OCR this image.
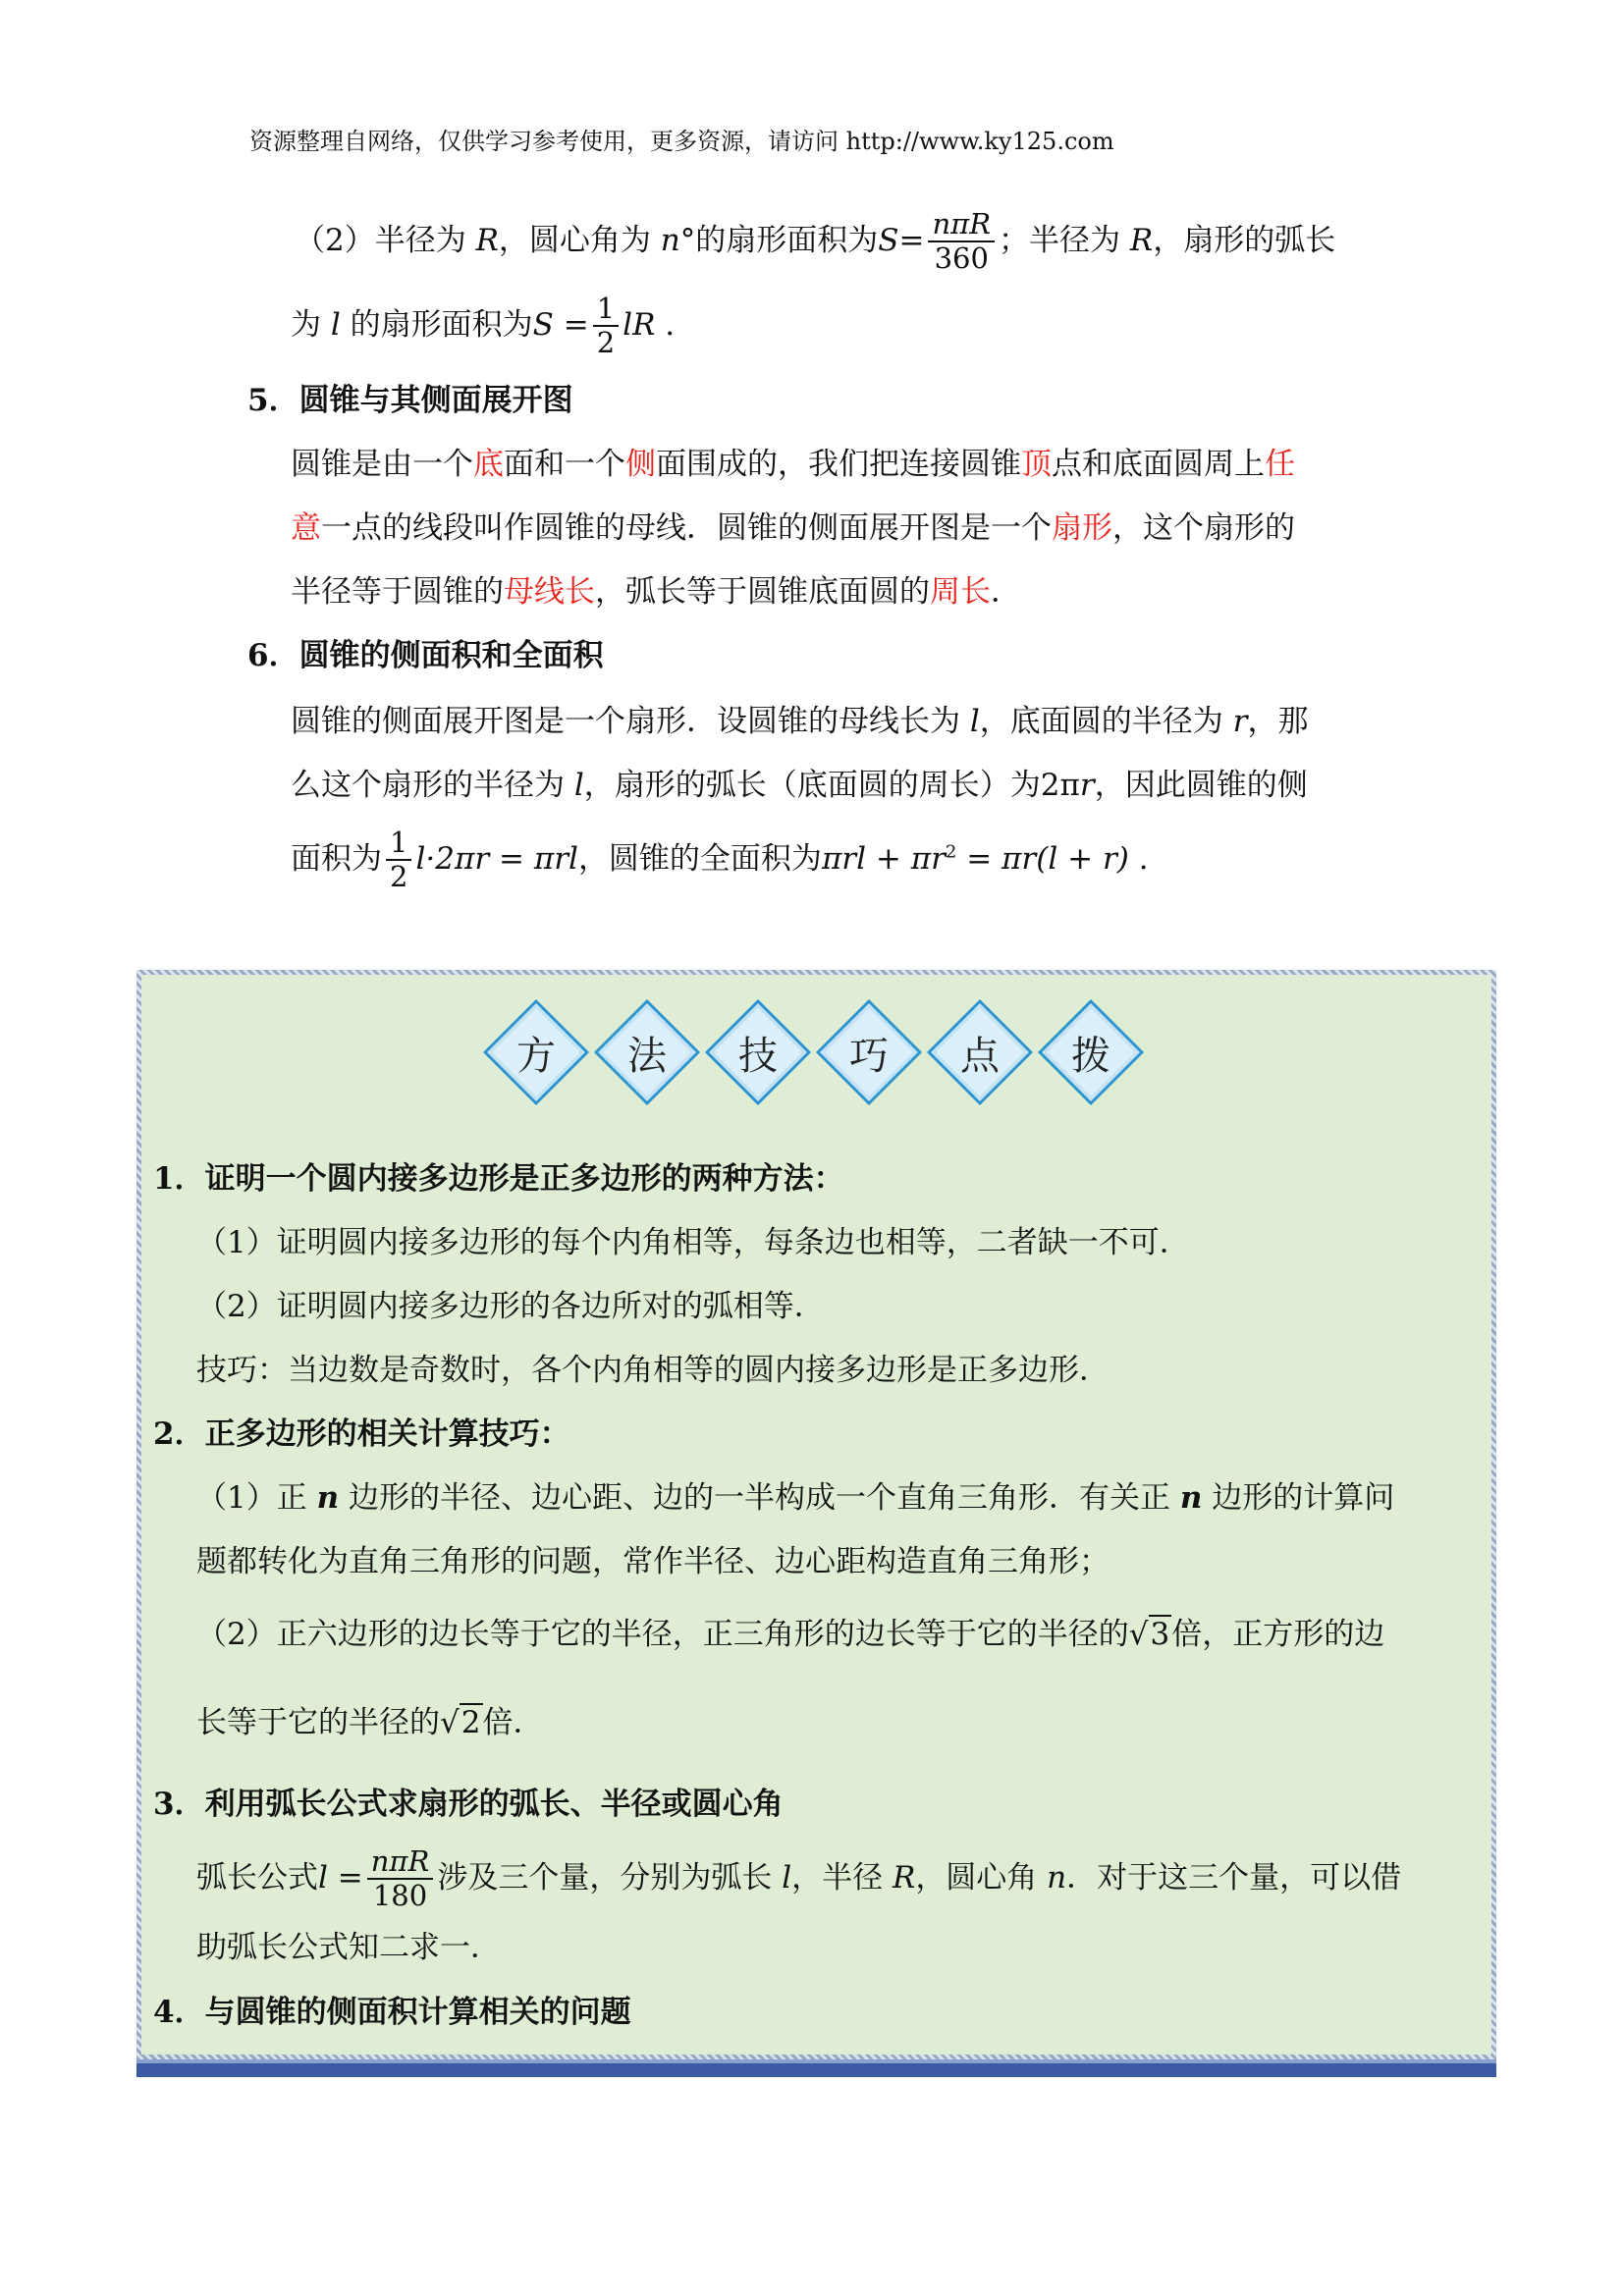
资源整理自网络，仅供学习参考使用，更多资源，请访问 http://www.ky125.com
（2）半径为 R，圆心角为 n°的扇形面积为$S= \frac{\text{nπR}}{360}$ ；半径为 R，扇形的弧长
为 l 的扇形面积为$S = \frac{1}{2}$ lR .
5．圆锥与其侧面展开图
圆锥是由一个底面和一个侧面围成的，我们把连接圆锥顶点和底面圆周上任
意一点的线段叫作圆锥的母线．圆锥的侧面展开图是一个扇形，这个扇形的
半径等于圆锥的母线长，弧长等于圆锥底面圆的周长．
6．圆锥的侧面积和全面积
圆锥的侧面展开图是一个扇形．设圆锥的母线长为 l，底面圆的半径为 r，那
么这个扇形的半径为 l，扇形的弧长（底面圆的周长）为2πr，因此圆锥的侧
面积为 $\frac{1}{2} l\cdot 2\pi r = \pi rl$，圆锥的全面积为$\pi rl + \pi r^2 = \pi r(l + r)$ .
方	法	技	巧	点	拨
1．证明一个圆内接多边形是正多边形的两种方法：
（1）证明圆内接多边形的每个内角相等，每条边也相等，二者缺一不可．
（2）证明圆内接多边形的各边所对的弧相等．
技巧：当边数是奇数时，各个内角相等的圆内接多边形是正多边形．
2．正多边形的相关计算技巧：
（1）正 n 边形的半径、边心距、边的一半构成一个直角三角形．有关正 n 边形的计算问
题都转化为直角三角形的问题，常作半径、边心距构造直角三角形；
（2）正六边形的边长等于它的半径，正三角形的边长等于它的半径的√3倍，正方形的边
长等于它的半径的√2倍．
3．利用弧长公式求扇形的弧长、半径或圆心角
弧长公式$l = \frac{\text{nπR}}{180}$ 涉及三个量，分别为弧长 l，半径 R，圆心角 n．对于这三个量，可以借
助弧长公式知二求一．
4．与圆锥的侧面积计算相关的问题
